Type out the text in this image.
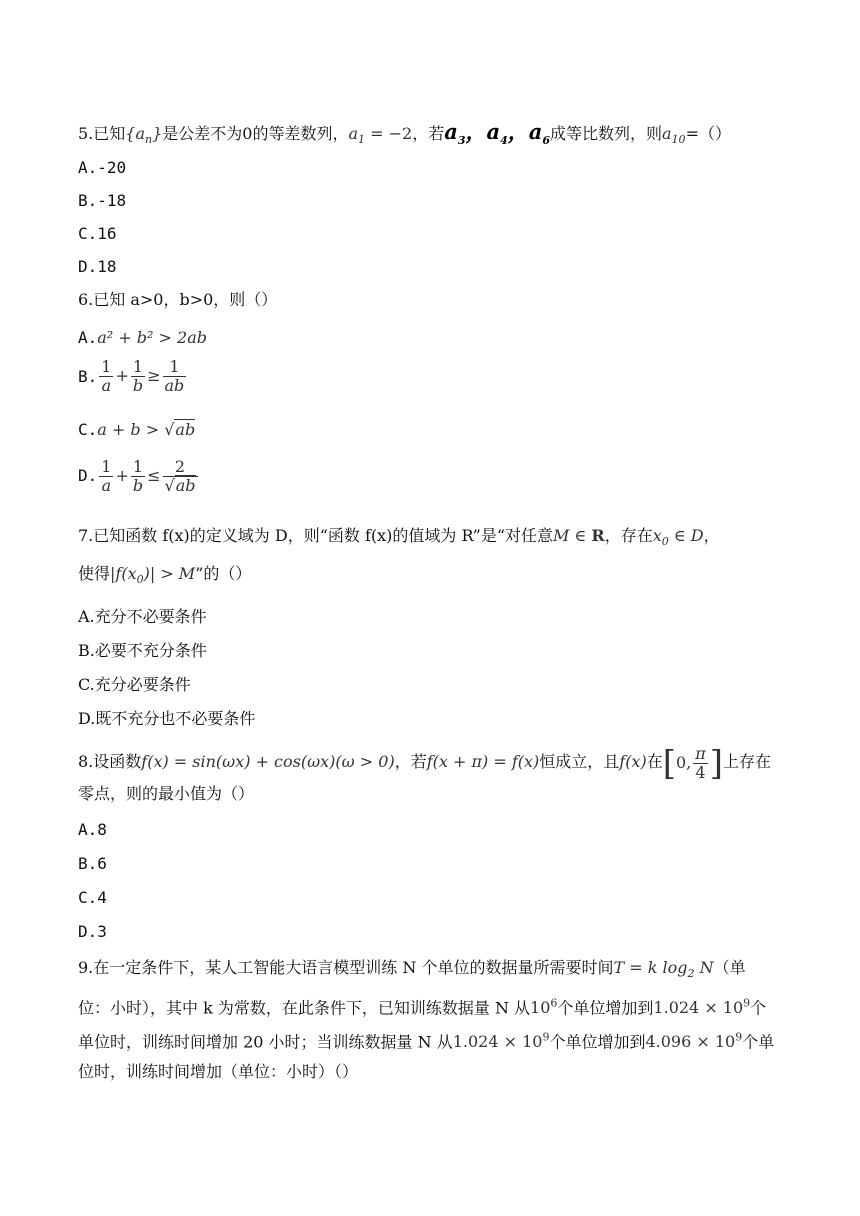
5.已知$\{a_n\}$是公差不为0的等差数列，$a_1 = -2$，若$a_3$，$a_4$，$a_6$成等比数列，则$a_{10}=()$
A.-20
B.-18
C.16
D.18
6.已知 a>0，b>0，则（）
A.a² + b² > 2ab
B. $\frac{1}{a} + \frac{1}{b} \ge \frac{1}{ab}$
C.a + b > √ab
D. $\frac{1}{a} + \frac{1}{b} \le \frac{2}{√ab}$
7.已知函数 f(x)的定义域为 D，则“函数 f(x)的值域为 R”是“对任意M ∈ R，存在$x_0$ ∈ D，
使得$|f(x_0)| > M$”的（）
A.充分不必要条件
B.必要不充分条件
C.充分必要条件
D.既不充分也不必要条件
8.设函数f(x) = sin(ωx) + cos(ωx)(ω > 0)，若f(x + π) = f(x)恒成立，且f(x)在[0, $\frac{\pi}{4}$ ]上存在
零点，则的最小值为（）
A.8
B.6
C.4
D.3
9.在一定条件下，某人工智能大语言模型训练 N 个单位的数据量所需要时间T = k $\log_2 N$（单
位：小时），其中 k 为常数，在此条件下，已知训练数据量 N 从$10^6$个单位增加到$1.024 \times 10^9$个
单位时，训练时间增加 20 小时；当训练数据量 N 从$1.024 \times 10^9$个单位增加到$4.096 \times 10^9$个单
位时，训练时间增加（单位：小时）（）
